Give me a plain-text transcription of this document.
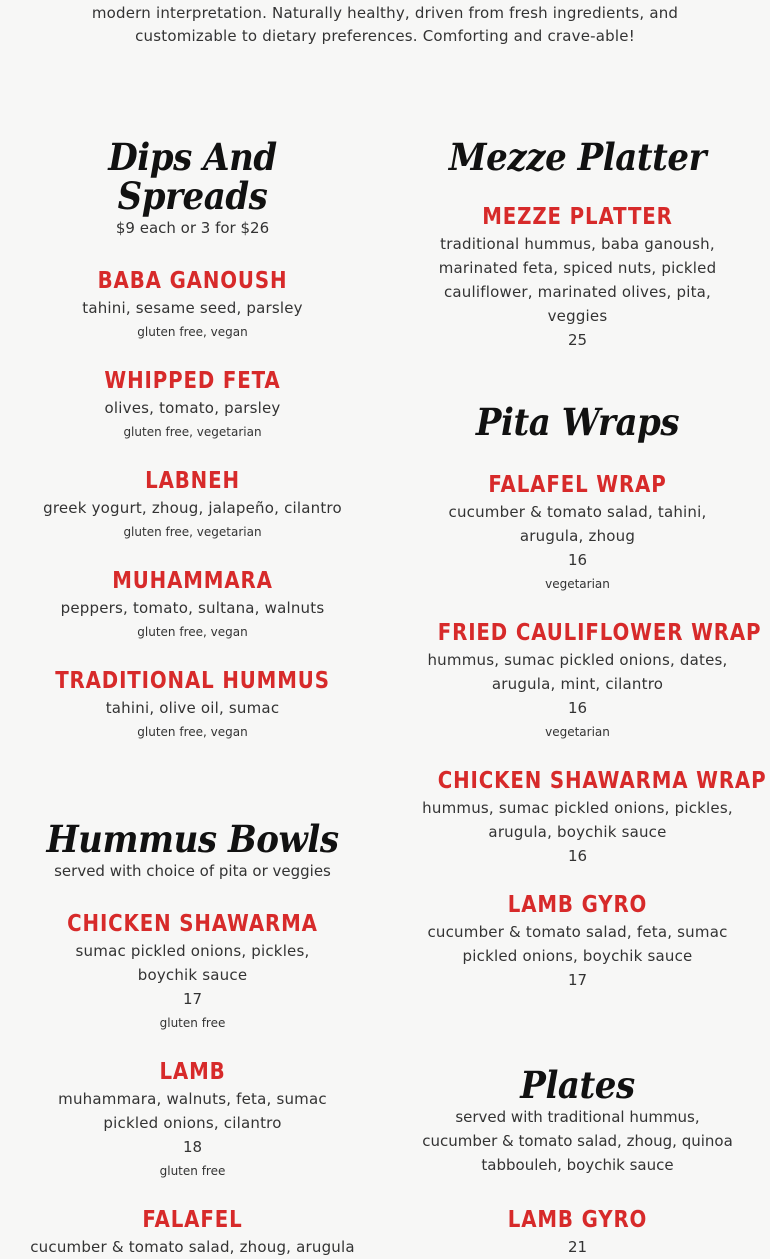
modern interpretation. Naturally healthy, driven from fresh ingredients, and
customizable to dietary preferences. Comforting and crave-able!
Dips And
Spreads
$9 each or 3 for $26
BABA GANOUSH
tahini, sesame seed, parsley
gluten free, vegan
WHIPPED FETA
olives, tomato, parsley
gluten free, vegetarian
LABNEH
greek yogurt, zhoug, jalapeño, cilantro
gluten free, vegetarian
MUHAMMARA
peppers, tomato, sultana, walnuts
gluten free, vegan
TRADITIONAL HUMMUS
tahini, olive oil, sumac
gluten free, vegan
Hummus Bowls
served with choice of pita or veggies
CHICKEN SHAWARMA
sumac pickled onions, pickles, boychik sauce
17
gluten free
LAMB
muhammara, walnuts, feta, sumac pickled onions, cilantro
18
gluten free
FALAFEL
cucumber & tomato salad, zhoug, arugula
Mezze Platter
MEZZE PLATTER
traditional hummus, baba ganoush, marinated feta, spiced nuts, pickled cauliflower, marinated olives, pita, veggies
25
Pita Wraps
FALAFEL WRAP
cucumber & tomato salad, tahini, arugula, zhoug
16
vegetarian
FRIED CAULIFLOWER WRAP
hummus, sumac pickled onions, dates, arugula, mint, cilantro
16
vegetarian
CHICKEN SHAWARMA WRAP
hummus, sumac pickled onions, pickles, arugula, boychik sauce
16
LAMB GYRO
cucumber & tomato salad, feta, sumac pickled onions, boychik sauce
17
Plates
served with traditional hummus, cucumber & tomato salad, zhoug, quinoa tabbouleh, boychik sauce
LAMB GYRO
21
